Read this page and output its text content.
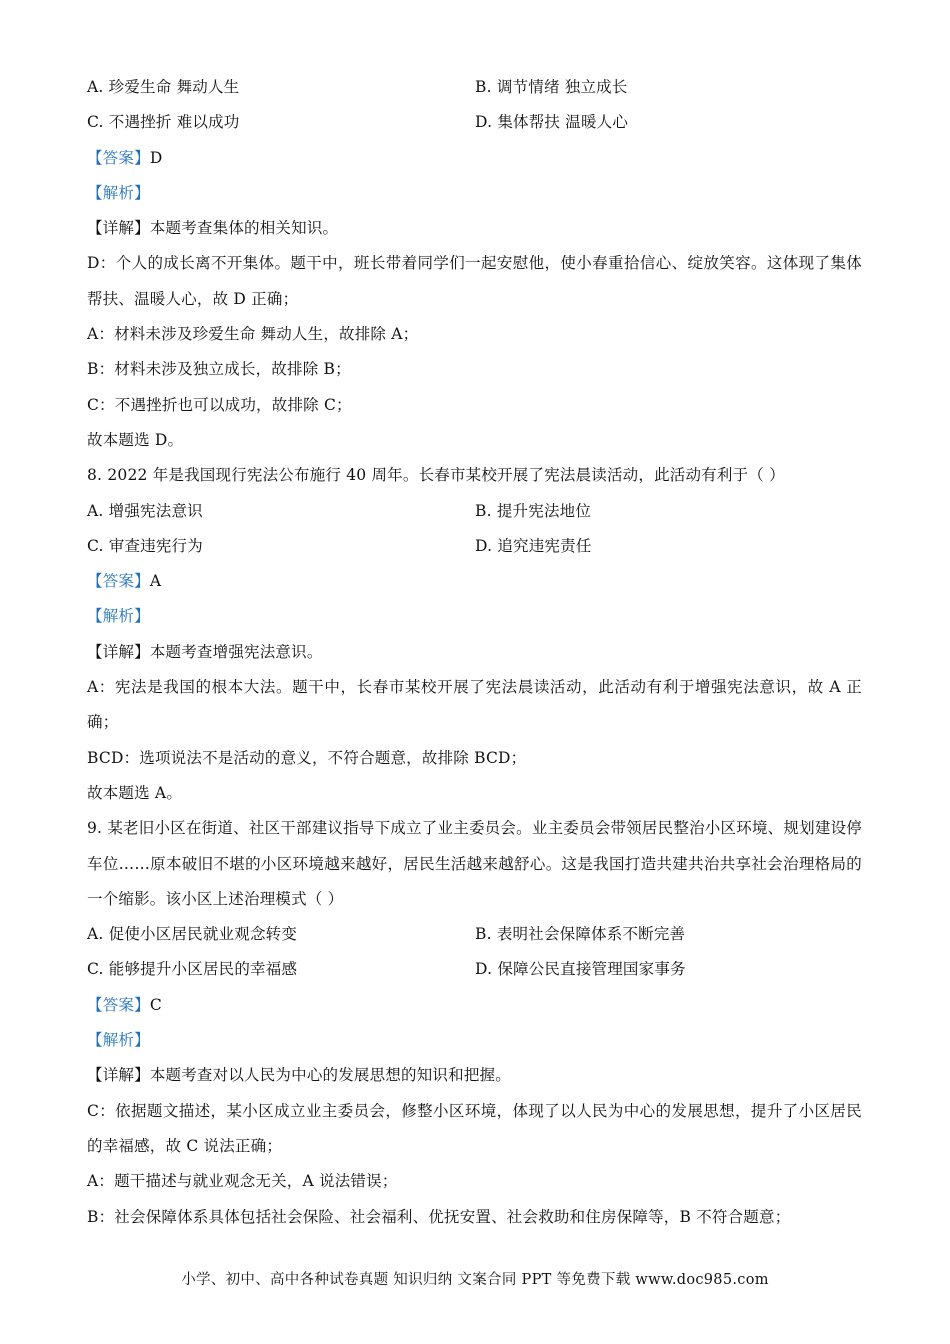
A. 珍爱生命 舞动人生	B. 调节情绪 独立成长
C. 不遇挫折 难以成功	D. 集体帮扶 温暖人心
【答案】D
【解析】
【详解】本题考查集体的相关知识。
D：个人的成长离不开集体。题干中，班长带着同学们一起安慰他，使小春重拾信心、绽放笑容。这体现了集体帮扶、温暖人心，故 D 正确；
A：材料未涉及珍爱生命 舞动人生，故排除 A；
B：材料未涉及独立成长，故排除 B；
C：不遇挫折也可以成功，故排除 C；
故本题选 D。
8. 2022 年是我国现行宪法公布施行 40 周年。长春市某校开展了宪法晨读活动，此活动有利于（ ）
A. 增强宪法意识	B. 提升宪法地位
C. 审查违宪行为	D. 追究违宪责任
【答案】A
【解析】
【详解】本题考查增强宪法意识。
A：宪法是我国的根本大法。题干中，长春市某校开展了宪法晨读活动，此活动有利于增强宪法意识，故 A 正确；
BCD：选项说法不是活动的意义，不符合题意，故排除 BCD；
故本题选 A。
9. 某老旧小区在街道、社区干部建议指导下成立了业主委员会。业主委员会带领居民整治小区环境、规划建设停车位……原本破旧不堪的小区环境越来越好，居民生活越来越舒心。这是我国打造共建共治共享社会治理格局的一个缩影。该小区上述治理模式（ ）
A. 促使小区居民就业观念转变	B. 表明社会保障体系不断完善
C. 能够提升小区居民的幸福感	D. 保障公民直接管理国家事务
【答案】C
【解析】
【详解】本题考查对以人民为中心的发展思想的知识和把握。
C：依据题文描述，某小区成立业主委员会，修整小区环境，体现了以人民为中心的发展思想，提升了小区居民的幸福感，故 C 说法正确；
A：题干描述与就业观念无关，A 说法错误；
B：社会保障体系具体包括社会保险、社会福利、优抚安置、社会救助和住房保障等，B 不符合题意；
小学、初中、高中各种试卷真题 知识归纳 文案合同 PPT 等免费下载 www.doc985.com
